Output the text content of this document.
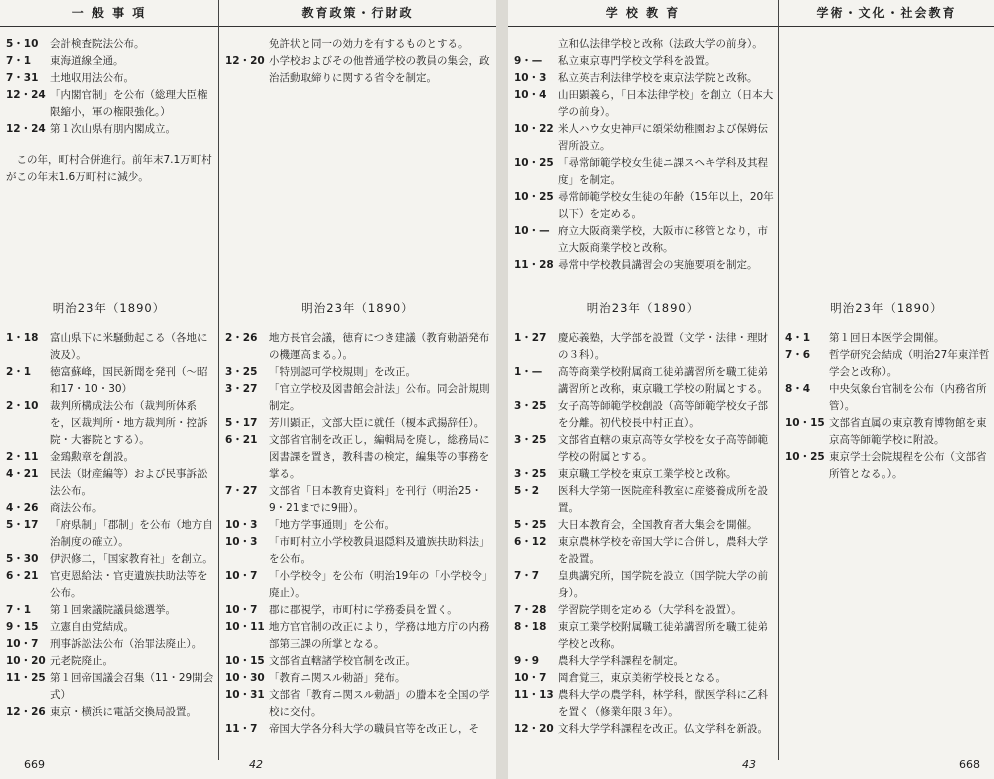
一 般 事 項
5・10	会計検査院法公布。
7・1	東海道線全通。
7・31	土地収用法公布。
12・24 「内閣官制」を公布（総理大臣権限縮小，軍の権限強化。）
12・24 第１次山県有朋内閣成立。
この年，町村合併進行。前年末7.1万町村がこの年末1.6万町村に減少。
明治23年（1890）
1・18	富山県下に米騒動起こる（各地に波及）。
2・1	徳富蘇峰，国民新聞を発刊（～昭和17・10・30）
2・10	裁判所構成法公布（裁判所体系を，区裁判所・地方裁判所・控訴院・大審院とする）。
2・11	金鵄勲章を創設。
4・21	民法（財産編等）および民事訴訟法公布。
4・26	商法公布。
5・17	「府県制」「郡制」を公布（地方自治制度の確立）。
5・30	伊沢修二，「国家教育社」を創立。
6・21	官吏恩給法・官吏遺族扶助法等を公布。
7・1	第１回衆議院議員総選挙。
9・15	立憲自由党結成。
10・7	刑事訴訟法公布（治罪法廃止）。
10・20 元老院廃止。
11・25 第１回帝国議会召集（11・29開会式）
12・26 東京・横浜に電話交換局設置。
669
教育政策・行財政
免許状と同一の効力を有するものとする。
12・20 小学校およびその他普通学校の教員の集会，政治活動取締りに関する省令を制定。
明治23年（1890）
2・26	地方長官会議，徳育につき建議（教育勅語発布の機運高まる。）。
3・25	「特別認可学校規則」を改正。
3・27	「官立学校及図書館会計法」公布。同会計規則制定。
5・17	芳川顕正，文部大臣に就任（榎本武揚辞任）。
6・21	文部省官制を改正し，編輯局を廃し，総務局に図書課を置き，教科書の検定，編集等の事務を掌る。
7・27	文部省「日本教育史資料」を刊行（明治25・9・21までに9冊）。
10・3	「地方学事通則」を公布。
10・3	「市町村立小学校教員退隠料及遺族扶助料法」を公布。
10・7	「小学校令」を公布（明治19年の「小学校令」廃止）。
10・7	郡に郡視学，市町村に学務委員を置く。
10・11 地方官官制の改正により，学務は地方庁の内務部第三課の所掌となる。
10・15 文部省直轄諸学校官制を改正。
10・30 「教育ニ関スル勅語」発布。
10・31 文部省「教育ニ関スル勅語」の謄本を全国の学校に交付。
11・7	帝国大学各分科大学の職員官等を改正し，そ
42
学 校 教 育
立和仏法律学校と改称（法政大学の前身）。
9・—	私立東京専門学校文学科を設置。
10・3	私立英吉利法律学校を東京法学院と改称。
10・4	山田顕義ら，「日本法律学校」を創立（日本大学の前身）。
10・22 米人ハウ女史神戸に頌栄幼稚園および保姆伝習所設立。
10・25 「尋常師範学校女生徒ニ課スヘキ学科及其程度」を制定。
10・25 尋常師範学校女生徒の年齢（15年以上，20年以下）を定める。
10・— 府立大阪商業学校，大阪市に移管となり，市立大阪商業学校と改称。
11・28 尋常中学校教員講習会の実施要項を制定。
明治23年（1890）
1・27	慶応義塾，大学部を設置（文学・法律・理財の３科）。
1・—	高等商業学校附属商工徒弟講習所を職工徒弟講習所と改称，東京職工学校の附属とする。
3・25	女子高等師範学校創設（高等師範学校女子部を分離。初代校長中村正直）。
3・25	文部省直轄の東京高等女学校を女子高等師範学校の附属とする。
3・25	東京職工学校を東京工業学校と改称。
5・2	医科大学第一医院産科教室に産婆養成所を設置。
5・25	大日本教育会，全国教育者大集会を開催。
6・12	東京農林学校を帝国大学に合併し，農科大学を設置。
7・7	皇典講究所，国学院を設立（国学院大学の前身）。
7・28	学習院学則を定める（大学科を設置）。
8・18	東京工業学校附属職工徒弟講習所を職工徒弟学校と改称。
9・9	農科大学学科課程を制定。
10・7	岡倉覚三，東京美術学校長となる。
11・13 農科大学の農学科，林学科，獣医学科に乙科を置く（修業年限３年）。
12・20 文科大学学科課程を改正。仏文学科を新設。
43
学術・文化・社会教育
明治23年（1890）
4・1	第１回日本医学会開催。
7・6	哲学研究会結成（明治27年東洋哲学会と改称）。
8・4	中央気象台官制を公布（内務省所管）。
10・15 文部省直属の東京教育博物館を東京高等師範学校に附設。
10・25 東京学士会院規程を公布（文部省所管となる。）。
668
